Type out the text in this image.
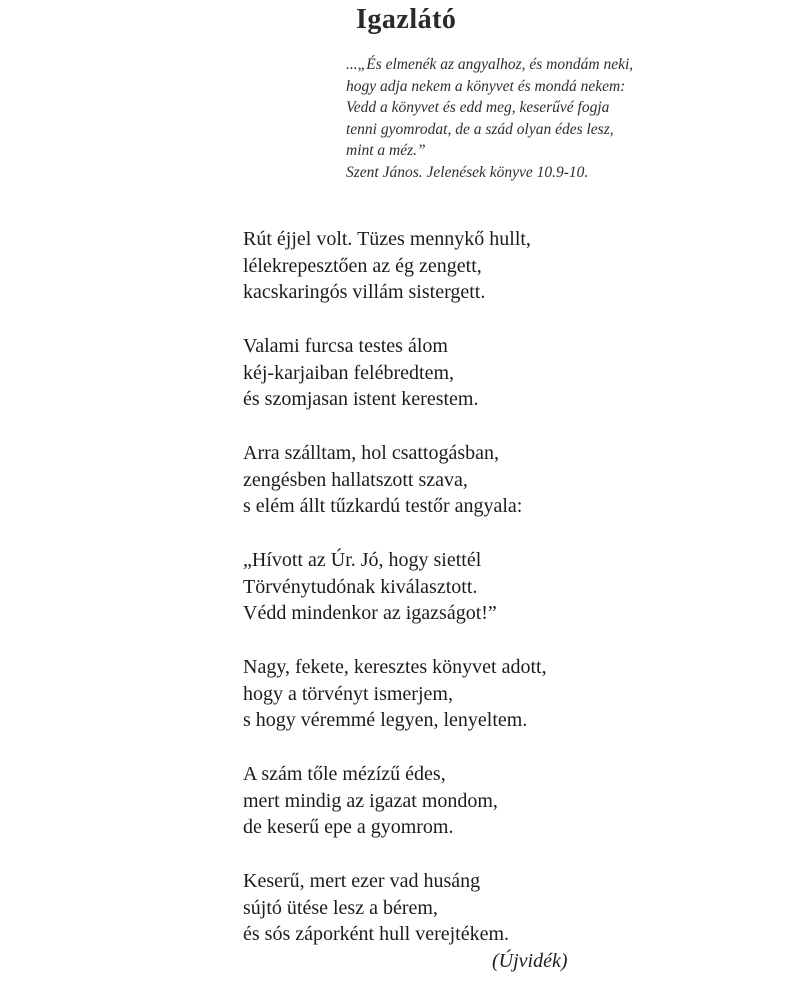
Igazlátó
...„És elmenék az angyalhoz, és mondám neki,
hogy adja nekem a könyvet és mondá nekem:
Vedd a könyvet és edd meg, keserűvé fogja
tenni gyomrodat, de a szád olyan édes lesz,
mint a méz.”
Szent János. Jelenések könyve 10.9-10.
Rút éjjel volt. Tüzes mennykő hullt,
lélekrepesztően az ég zengett,
kacskaringós villám sistergett.
Valami furcsa testes álom
kéj-karjaiban felébredtem,
és szomjasan istent kerestem.
Arra szálltam, hol csattogásban,
zengésben hallatszott szava,
s elém állt tűzkardú testőr angyala:
„Hívott az Úr. Jó, hogy siettél
Törvénytudónak kiválasztott.
Védd mindenkor az igazságot!”
Nagy, fekete, keresztes könyvet adott,
hogy a törvényt ismerjem,
s hogy véremmé legyen, lenyeltem.
A szám tőle mézízű édes,
mert mindig az igazat mondom,
de keserű epe a gyomrom.
Keserű, mert ezer vad husáng
sújtó ütése lesz a bérem,
és sós záporként hull verejtékem.
(Újvidék)
